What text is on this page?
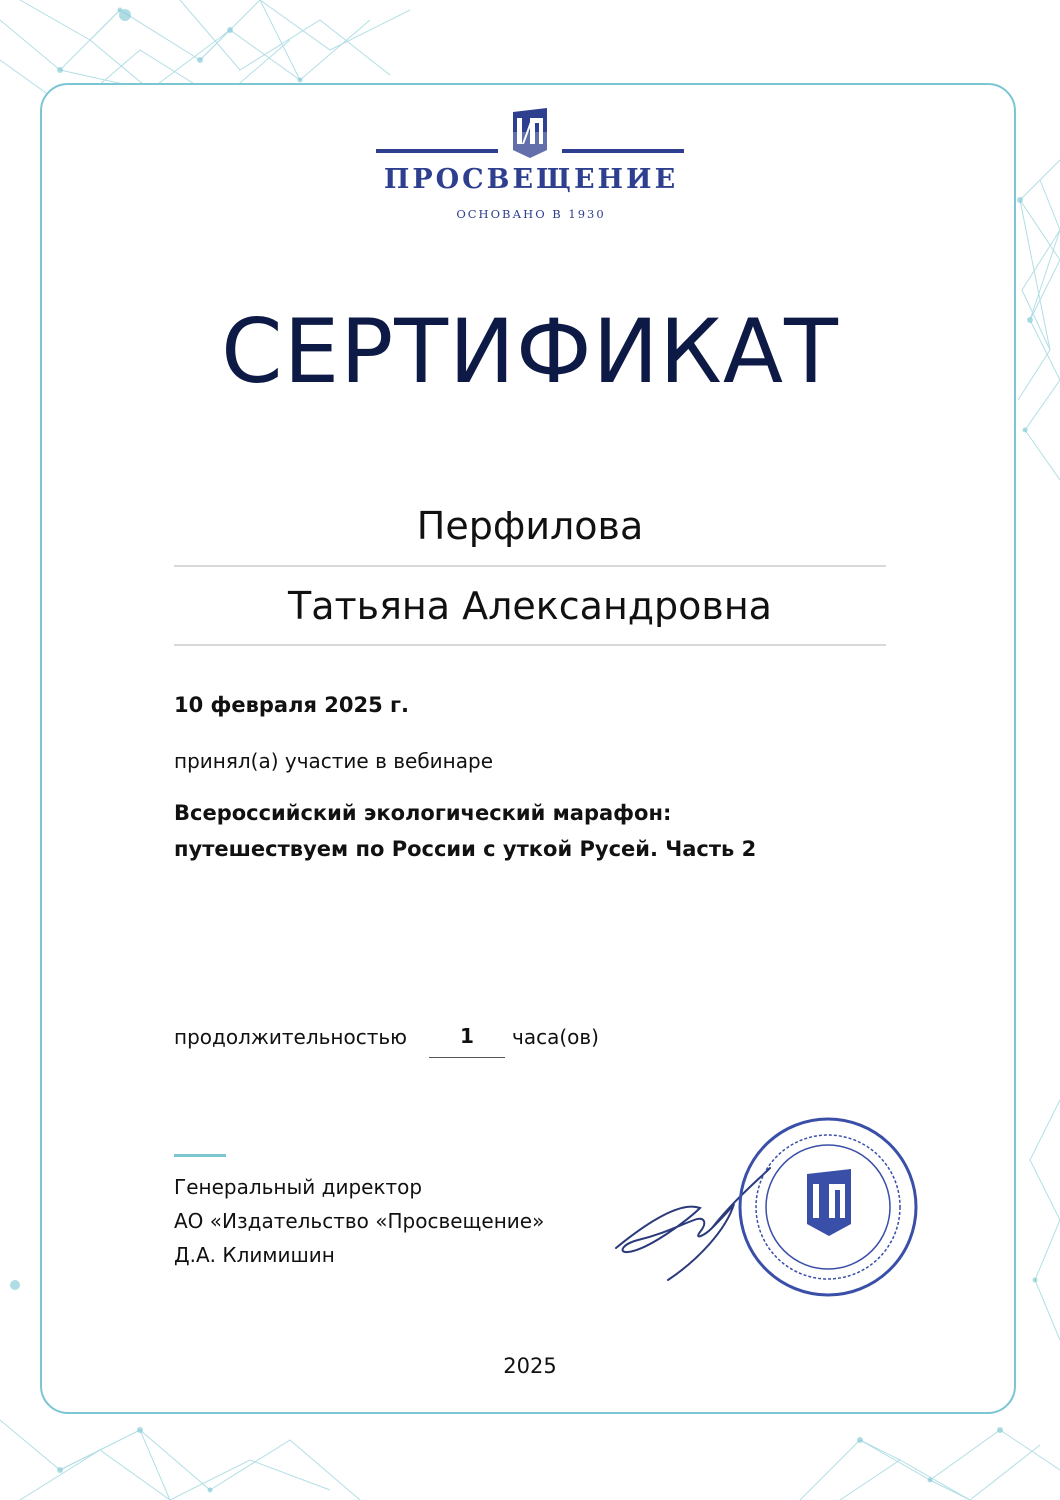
ПРОСВЕЩЕНИЕ
ОСНОВАНО В 1930
СЕРТИФИКАТ
Перфилова
Татьяна Александровна
10 февраля 2025 г.
принял(а) участие в вебинаре
Всероссийский экологический марафон:
путешествуем по России с уткой Русей. Часть 2
продолжительностью	1	часа(ов)
Генеральный директор
АО «Издательство «Просвещение»
Д.А. Климишин
2025
